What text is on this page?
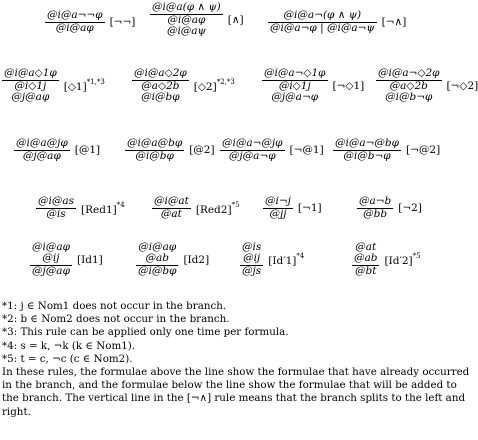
$\frac{@i@a\neg\neg\varphi}{@i@a\varphi}$ [¬¬]
@i@a(φ ∧ ψ)
@i@aφ
@i@aψ
[∧] $\frac{@i@a\neg(\varphi \wedge \psi)}{@i@a\neg\varphi | @i@a\neg\psi}$ [¬∧]
@i@a◇1φ
@i◇1j
@j@aφ
[◇1]$^{*1,*3}$
@i@a◇2φ
@a◇2b
@i@bφ
[◇2]$^{*2,*3}$
@i@a¬◇1φ
@i◇1j
@j@a¬φ
[¬◇1]
@i@a¬◇2φ
@a◇2b
@i@b¬φ
[¬◇2]
$\frac{@i@a@j\varphi}{@j@a\varphi}$ [@1] $\frac{@i@a@b\varphi}{@i@b\varphi}$ [@2] $\frac{@i@a\neg@j\varphi}{@j@a\neg\varphi}$ [¬@1] $\frac{@i@a\neg@b\varphi}{@i@b\neg\varphi}$ [¬@2]
$\frac{@i@as}{@is} [Red1]^{*4}$	$\frac{@i@at}{@at} [Red2]^{*5} \frac{@i\neg j}{@jj}$ [¬1]	$\frac{@a\neg b}{@bb}$ [¬2]
@i@aφ
@ij
@j@aφ
[Id1]
@i@aφ
@ab
@i@bφ
[Id2]
@is
@ij
@js
$[Id'1]^{*4}$
@at
@ab
@bt
$[Id'2]^{*5}$
*1: j ∈ Nom1 does not occur in the branch.
*2: b ∈ Nom2 does not occur in the branch.
*3: This rule can be applied only one time per formula.
*4: s = k, ¬k (k ∈ Nom1).
*5: t = c, ¬c (c ∈ Nom2).
In these rules, the formulae above the line show the formulae that have already occurred in the branch, and the formulae below the line show the formulae that will be added to the branch. The vertical line in the [¬∧] rule means that the branch splits to the left and right.
